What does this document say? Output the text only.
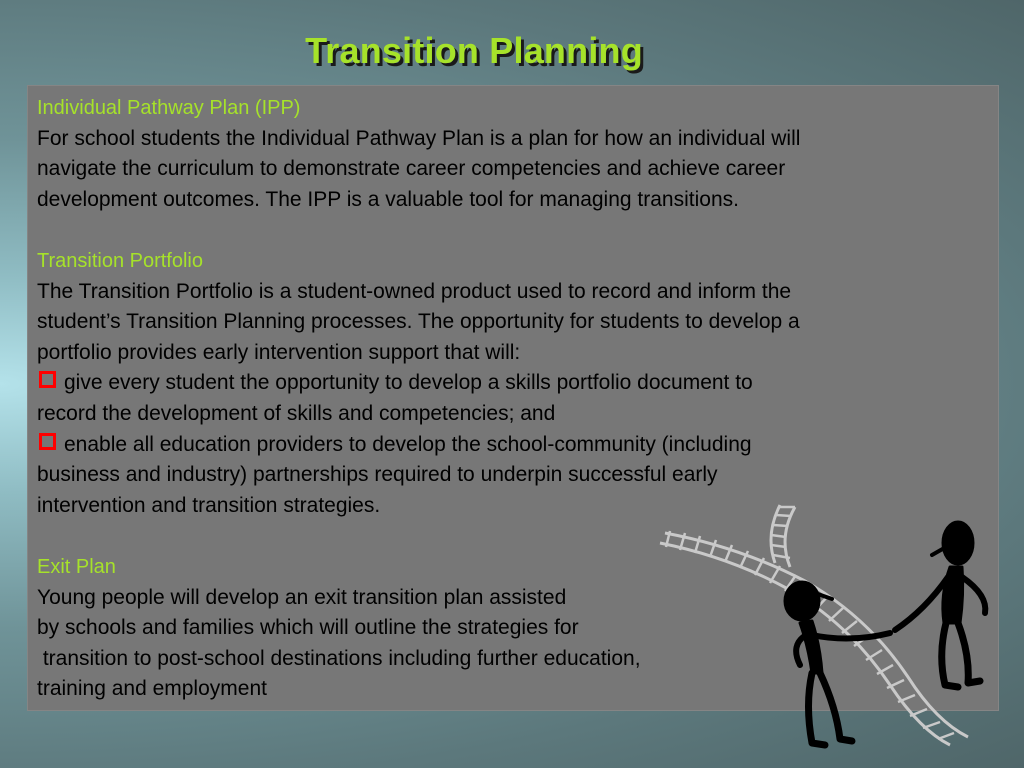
Transition Planning
Individual Pathway Plan (IPP)

For school students the Individual Pathway Plan is a plan for how an individual will

navigate the curriculum to demonstrate career competencies and achieve career

development outcomes. The IPP is a valuable tool for managing transitions.

Transition Portfolio

The Transition Portfolio is a student-owned product used to record and inform the

student’s Transition Planning processes. The opportunity for students to develop a

portfolio provides early intervention support that will:

give every student the opportunity to develop a skills portfolio document to

record the development of skills and competencies; and

enable all education providers to develop the school-community (including

business and industry) partnerships required to underpin successful early

intervention and transition strategies.

Exit Plan

Young people will develop an exit transition plan assisted

by schools and families which will outline the strategies for

transition to post-school destinations including further education,

training and employment
